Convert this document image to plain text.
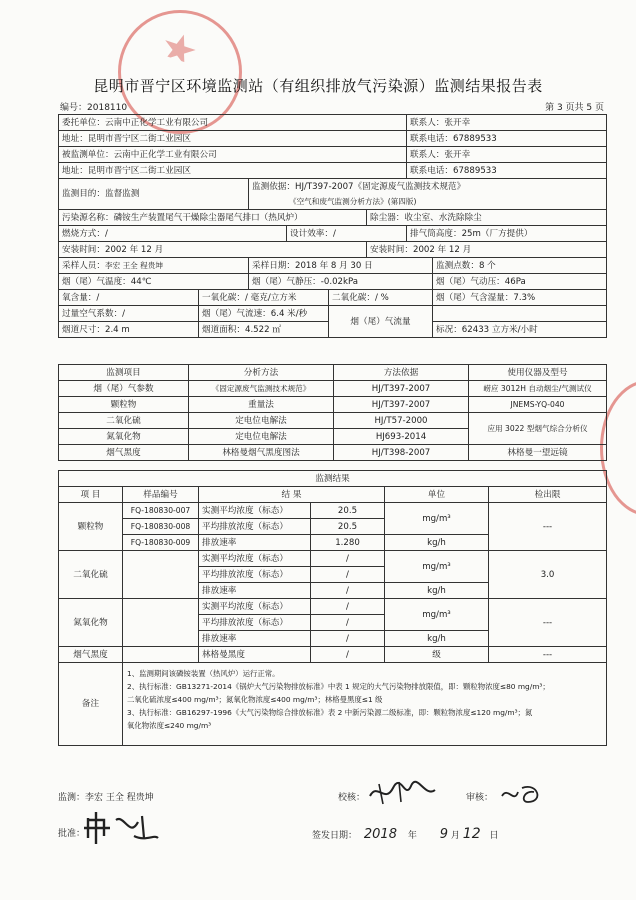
昆明市晋宁区环境监测站（有组织排放气污染源）监测结果报告表
编号：2018110	第 3 页共 5 页
委托单位：云南中正化学工业有限公司						联系人：张开幸	
地址：昆明市晋宁区二街工业园区						联系电话：67889533	
被监测单位：云南中正化学工业有限公司						联系人：张开幸	
地址：昆明市晋宁区二街工业园区						联系电话：67889533	
监测目的：监督监测		监测依据：HJ/T397-2007《固定源废气监测技术规范》					
		《空气和废气监测分析方法》(第四版)					
污染源名称：磷铵生产装置尾气干燥除尘器尾气排口（热风炉）					除尘器：收尘室、水洗除除尘		
燃烧方式：/			设计效率：/			排气筒高度：25m（厂方提供）	
安装时间：2002 年 12 月					安装时间：2002 年 12 月		
采样人员：李宏 王全 程贵坤		采样日期：2018 年 8 月 30 日					监测点数：8 个
烟（尾）气温度：44℃		烟（尾）气静压：-0.02kPa					烟（尾）气动压：46Pa
氧含量：/	一氧化碳：/ 毫克/立方米			二氧化碳：/ %			烟（尾）气含湿量：7.3%
过量空气系数：/	烟（尾）气流速：6.4 米/秒			烟（尾）气流量			
烟道尺寸：2.4 m	烟道面积：4.522 ㎡						标况：62433 立方米/小时
监测项目	分析方法	方法依据	使用仪器及型号
烟（尾）气参数	《固定源废气监测技术规范》	HJ/T397-2007	崂应 3012H 自动烟尘/气测试仪
颗粒物	重量法	HJ/T397-2007	JNEMS-YQ-040
二氧化硫	定电位电解法	HJ/T57-2000	应用 3022 型烟气综合分析仪
氮氧化物	定电位电解法	HJ693-2014	
烟气黑度	林格曼烟气黑度图法	HJ/T398-2007	林格曼一望远镜
监测结果					
项 目	样品编号	结 果		单位	检出限
颗粒物	FQ-180830-007	实测平均浓度（标态）	20.5	mg/m³	---
	FQ-180830-008	平均排放浓度（标态）	20.5		
	FQ-180830-009	排放速率	1.280	kg/h	
二氧化硫		实测平均浓度（标态）	/	mg/m³	3.0
		平均排放浓度（标态）	/		
		排放速率	/	kg/h	
氮氧化物		实测平均浓度（标态）	/	mg/m³	---
		平均排放浓度（标态）	/		
		排放速率	/	kg/h	
烟气黑度		林格曼黑度	/	级	---
备注	1、监测期间该磷铵装置（热风炉）运行正常。
2、执行标准：GB13271-2014《锅炉大气污染物排放标准》中表 1 规定的大气污染物排放限值，即：颗粒物浓度≤80 mg/m³；
二氧化硫浓度≤400 mg/m³；氮氧化物浓度≤400 mg/m³；林格曼黑度≤1 级
3、执行标准：GB16297-1996《大气污染物综合排放标准》表 2 中新污染源二级标准，即：颗粒物浓度≤120 mg/m³；氮
氧化物浓度≤240 mg/m³				
监测：李宏 王全 程贵坤	校核：	审核：
批准：	签发日期： 2018 年 9 月 12 日
